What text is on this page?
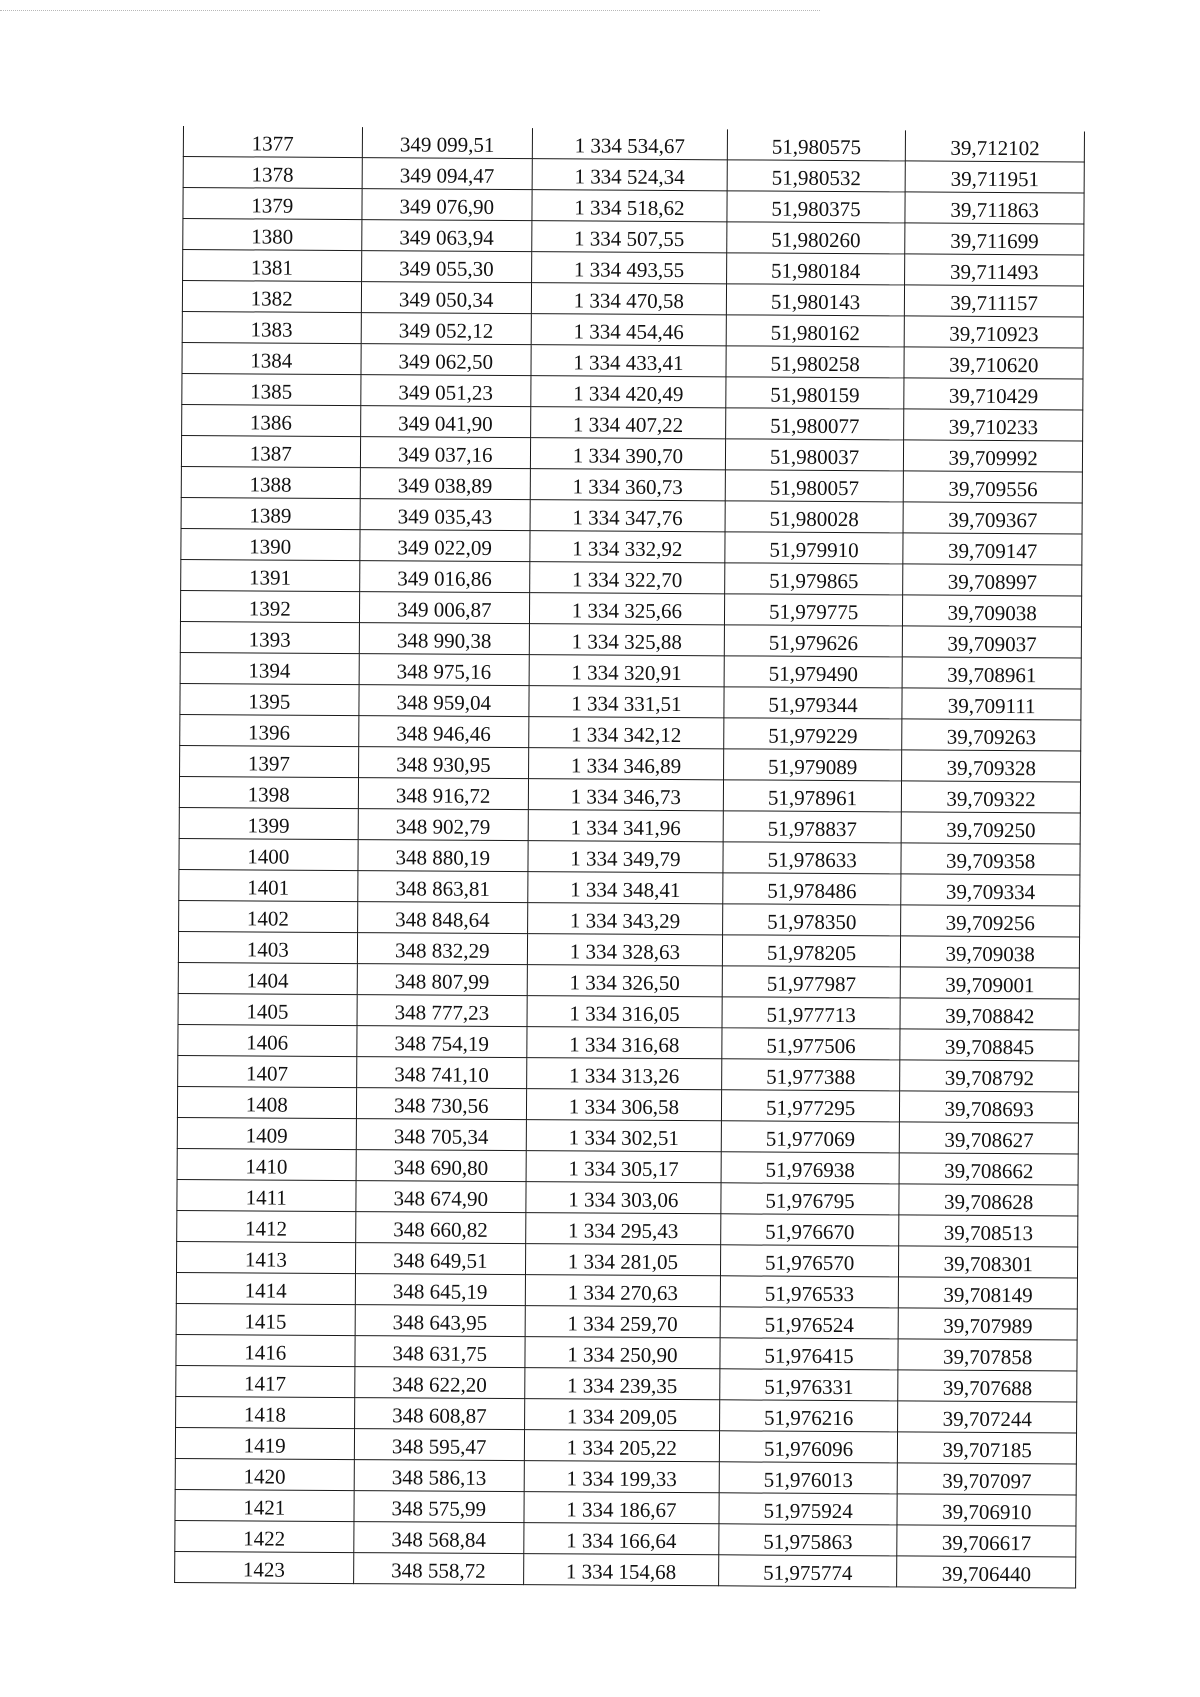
1377	349 099,51	1 334 534,67	51,980575	39,712102
1378	349 094,47	1 334 524,34	51,980532	39,711951
1379	349 076,90	1 334 518,62	51,980375	39,711863
1380	349 063,94	1 334 507,55	51,980260	39,711699
1381	349 055,30	1 334 493,55	51,980184	39,711493
1382	349 050,34	1 334 470,58	51,980143	39,711157
1383	349 052,12	1 334 454,46	51,980162	39,710923
1384	349 062,50	1 334 433,41	51,980258	39,710620
1385	349 051,23	1 334 420,49	51,980159	39,710429
1386	349 041,90	1 334 407,22	51,980077	39,710233
1387	349 037,16	1 334 390,70	51,980037	39,709992
1388	349 038,89	1 334 360,73	51,980057	39,709556
1389	349 035,43	1 334 347,76	51,980028	39,709367
1390	349 022,09	1 334 332,92	51,979910	39,709147
1391	349 016,86	1 334 322,70	51,979865	39,708997
1392	349 006,87	1 334 325,66	51,979775	39,709038
1393	348 990,38	1 334 325,88	51,979626	39,709037
1394	348 975,16	1 334 320,91	51,979490	39,708961
1395	348 959,04	1 334 331,51	51,979344	39,709111
1396	348 946,46	1 334 342,12	51,979229	39,709263
1397	348 930,95	1 334 346,89	51,979089	39,709328
1398	348 916,72	1 334 346,73	51,978961	39,709322
1399	348 902,79	1 334 341,96	51,978837	39,709250
1400	348 880,19	1 334 349,79	51,978633	39,709358
1401	348 863,81	1 334 348,41	51,978486	39,709334
1402	348 848,64	1 334 343,29	51,978350	39,709256
1403	348 832,29	1 334 328,63	51,978205	39,709038
1404	348 807,99	1 334 326,50	51,977987	39,709001
1405	348 777,23	1 334 316,05	51,977713	39,708842
1406	348 754,19	1 334 316,68	51,977506	39,708845
1407	348 741,10	1 334 313,26	51,977388	39,708792
1408	348 730,56	1 334 306,58	51,977295	39,708693
1409	348 705,34	1 334 302,51	51,977069	39,708627
1410	348 690,80	1 334 305,17	51,976938	39,708662
1411	348 674,90	1 334 303,06	51,976795	39,708628
1412	348 660,82	1 334 295,43	51,976670	39,708513
1413	348 649,51	1 334 281,05	51,976570	39,708301
1414	348 645,19	1 334 270,63	51,976533	39,708149
1415	348 643,95	1 334 259,70	51,976524	39,707989
1416	348 631,75	1 334 250,90	51,976415	39,707858
1417	348 622,20	1 334 239,35	51,976331	39,707688
1418	348 608,87	1 334 209,05	51,976216	39,707244
1419	348 595,47	1 334 205,22	51,976096	39,707185
1420	348 586,13	1 334 199,33	51,976013	39,707097
1421	348 575,99	1 334 186,67	51,975924	39,706910
1422	348 568,84	1 334 166,64	51,975863	39,706617
1423	348 558,72	1 334 154,68	51,975774	39,706440
